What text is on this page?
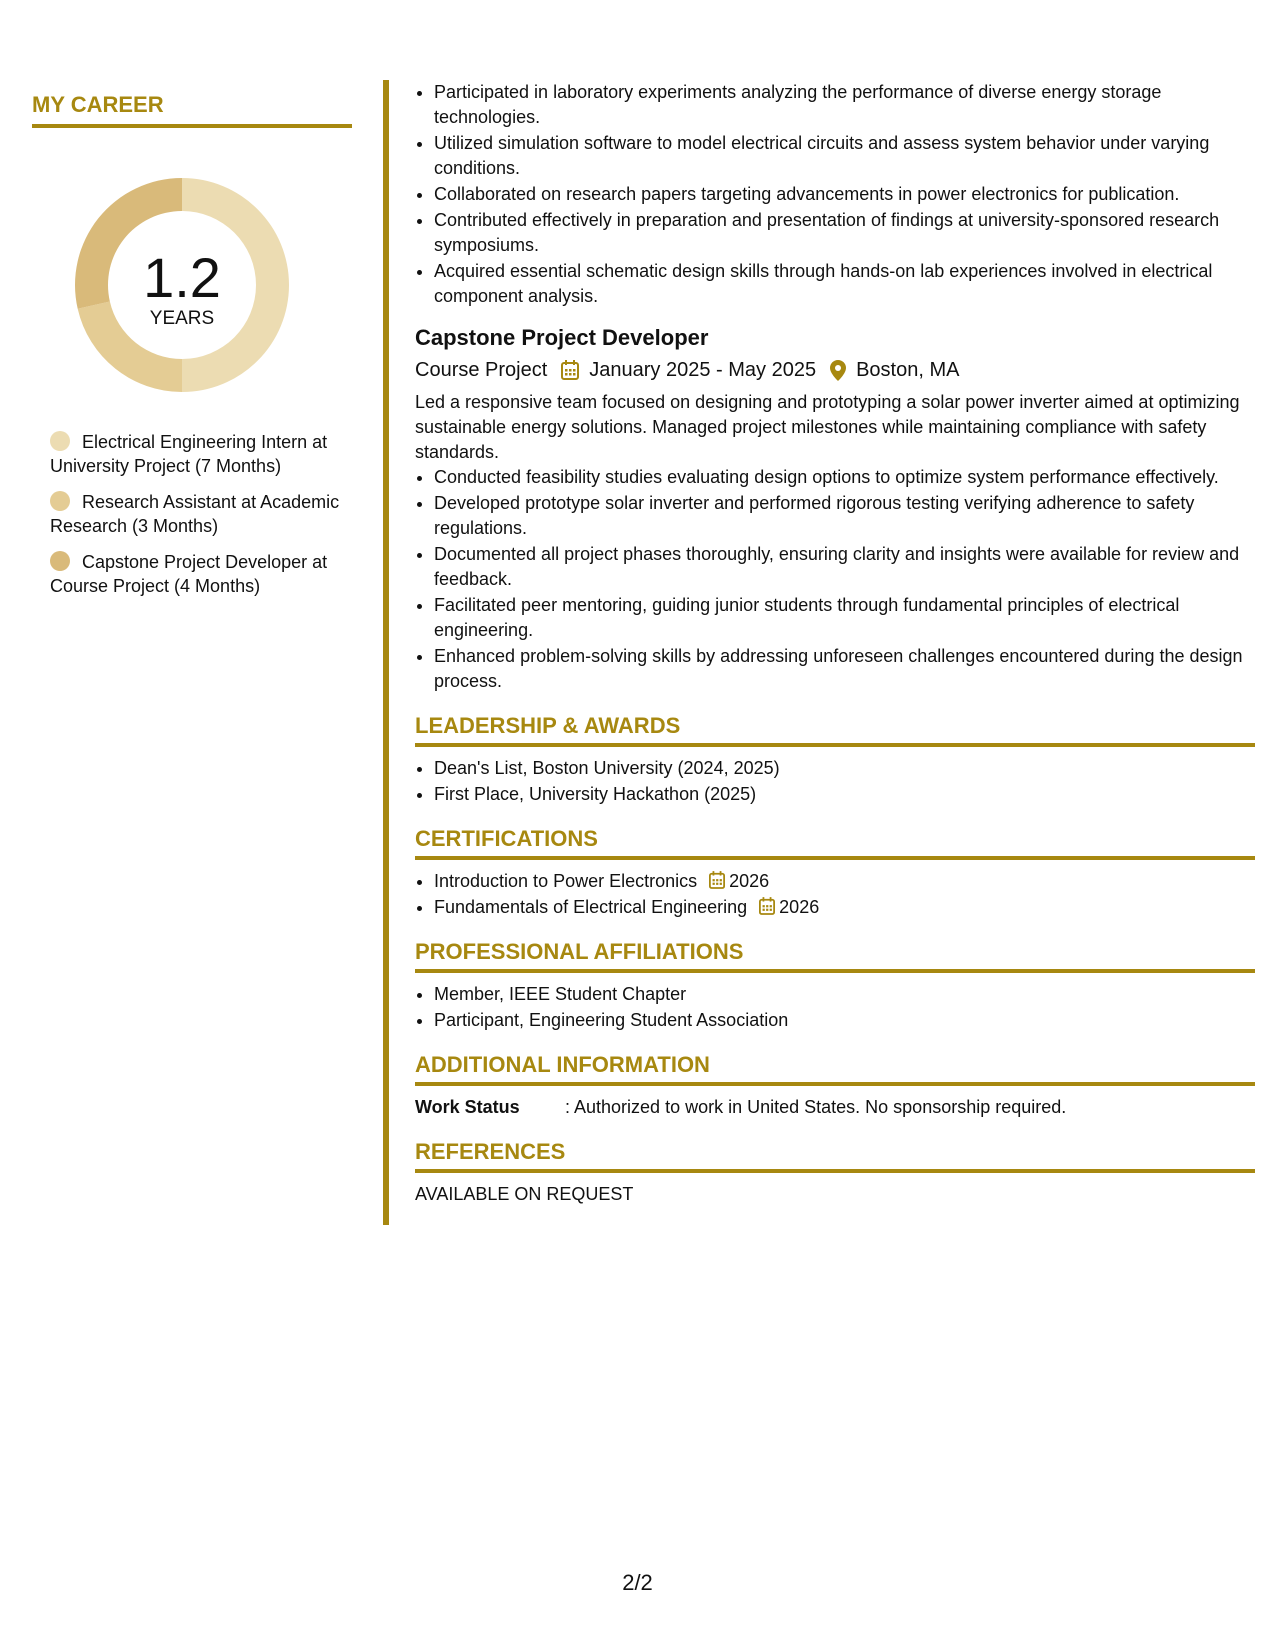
MY CAREER
1.2
YEARS
Electrical Engineering Intern at University Project (7 Months)
Research Assistant at Academic Research (3 Months)
Capstone Project Developer at Course Project (4 Months)
• Participated in laboratory experiments analyzing the performance of diverse energy storage technologies.
• Utilized simulation software to model electrical circuits and assess system behavior under varying conditions.
• Collaborated on research papers targeting advancements in power electronics for publication.
• Contributed effectively in preparation and presentation of findings at university-sponsored research symposiums.
• Acquired essential schematic design skills through hands-on lab experiences involved in electrical component analysis.
Capstone Project Developer
Course Project January 2025 - May 2025 Boston, MA

Led a responsive team focused on designing and prototyping a solar power inverter aimed at optimizing sustainable energy solutions. Managed project milestones while maintaining compliance with safety standards.

• Conducted feasibility studies evaluating design options to optimize system performance effectively.
• Developed prototype solar inverter and performed rigorous testing verifying adherence to safety regulations.
• Documented all project phases thoroughly, ensuring clarity and insights were available for review and feedback.
• Facilitated peer mentoring, guiding junior students through fundamental principles of electrical engineering.
• Enhanced problem-solving skills by addressing unforeseen challenges encountered during the design process.
LEADERSHIP & AWARDS
• Dean's List, Boston University (2024, 2025)
• First Place, University Hackathon (2025)
CERTIFICATIONS
• Introduction to Power Electronics 2026
• Fundamentals of Electrical Engineering 2026
PROFESSIONAL AFFILIATIONS
• Member, IEEE Student Chapter
• Participant, Engineering Student Association
ADDITIONAL INFORMATION
Work Status	: Authorized to work in United States. No sponsorship required.
REFERENCES
AVAILABLE ON REQUEST
2/2
